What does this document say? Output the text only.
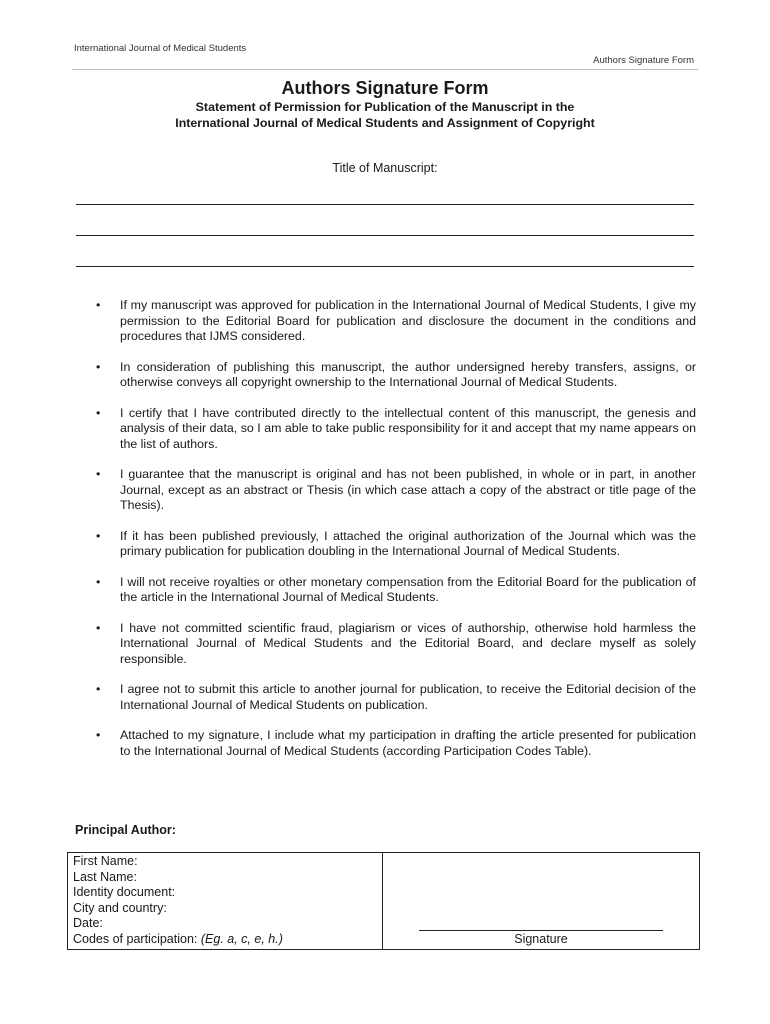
International Journal of Medical Students
Authors Signature Form
Authors Signature Form
Statement of Permission for Publication of the Manuscript in the
International Journal of Medical Students and Assignment of Copyright
Title of Manuscript:
• If my manuscript was approved for publication in the International Journal of Medical Students, I give my permission to the Editorial Board for publication and disclosure the document in the conditions and procedures that IJMS considered.
• In consideration of publishing this manuscript, the author undersigned hereby transfers, assigns, or otherwise conveys all copyright ownership to the International Journal of Medical Students.
• I certify that I have contributed directly to the intellectual content of this manuscript, the genesis and analysis of their data, so I am able to take public responsibility for it and accept that my name appears on the list of authors.
• I guarantee that the manuscript is original and has not been published, in whole or in part, in another Journal, except as an abstract or Thesis (in which case attach a copy of the abstract or title page of the Thesis).
• If it has been published previously, I attached the original authorization of the Journal which was the primary publication for publication doubling in the International Journal of Medical Students.
• I will not receive royalties or other monetary compensation from the Editorial Board for the publication of the article in the International Journal of Medical Students.
• I have not committed scientific fraud, plagiarism or vices of authorship, otherwise hold harmless the International Journal of Medical Students and the Editorial Board, and declare myself as solely responsible.
• I agree not to submit this article to another journal for publication, to receive the Editorial decision of the International Journal of Medical Students on publication.
• Attached to my signature, I include what my participation in drafting the article presented for publication to the International Journal of Medical Students (according Participation Codes Table).
Principal Author:
First Name:
Last Name:
Identity document:
City and country:
Date:
Codes of participation: (Eg. a, c, e, h.)	Signature
